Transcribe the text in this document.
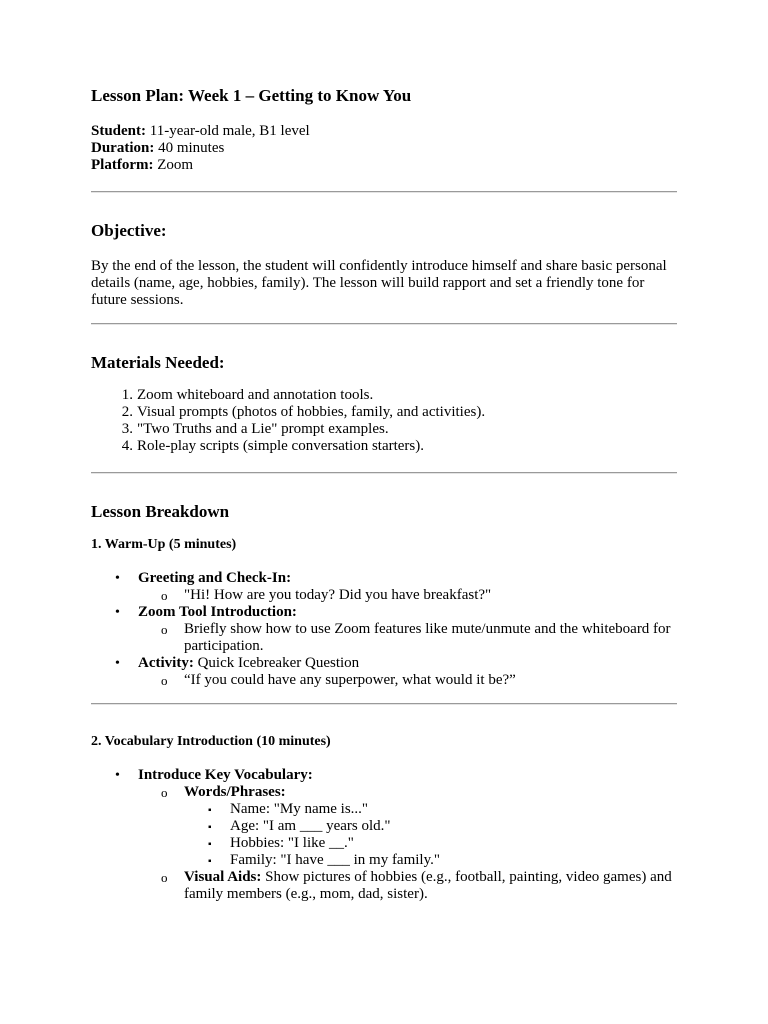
Lesson Plan: Week 1 – Getting to Know You

Student: 11-year-old male, B1 level

Duration: 40 minutes

Platform: Zoom

Objective:

By the end of the lesson, the student will confidently introduce himself and share basic personal details (name, age, hobbies, family). The lesson will build rapport and set a friendly tone for future sessions.

Materials Needed:
1. Zoom whiteboard and annotation tools.
2. Visual prompts (photos of hobbies, family, and activities).
3. "Two Truths and a Lie" prompt examples.
4. Role-play scripts (simple conversation starters).
Lesson Breakdown
1. Warm-Up (5 minutes)
• Greeting and Check-In:
o "Hi! How are you today? Did you have breakfast?"
• Zoom Tool Introduction:
o Briefly show how to use Zoom features like mute/unmute and the whiteboard for participation.
• Activity: Quick Icebreaker Question
o “If you could have any superpower, what would it be?”
2. Vocabulary Introduction (10 minutes)
• Introduce Key Vocabulary:
o Words/Phrases:
▪ Name: "My name is..."
▪ Age: "I am ___ years old."
▪ Hobbies: "I like __."
▪ Family: "I have ___ in my family."
o Visual Aids: Show pictures of hobbies (e.g., football, painting, video games) and family members (e.g., mom, dad, sister).
